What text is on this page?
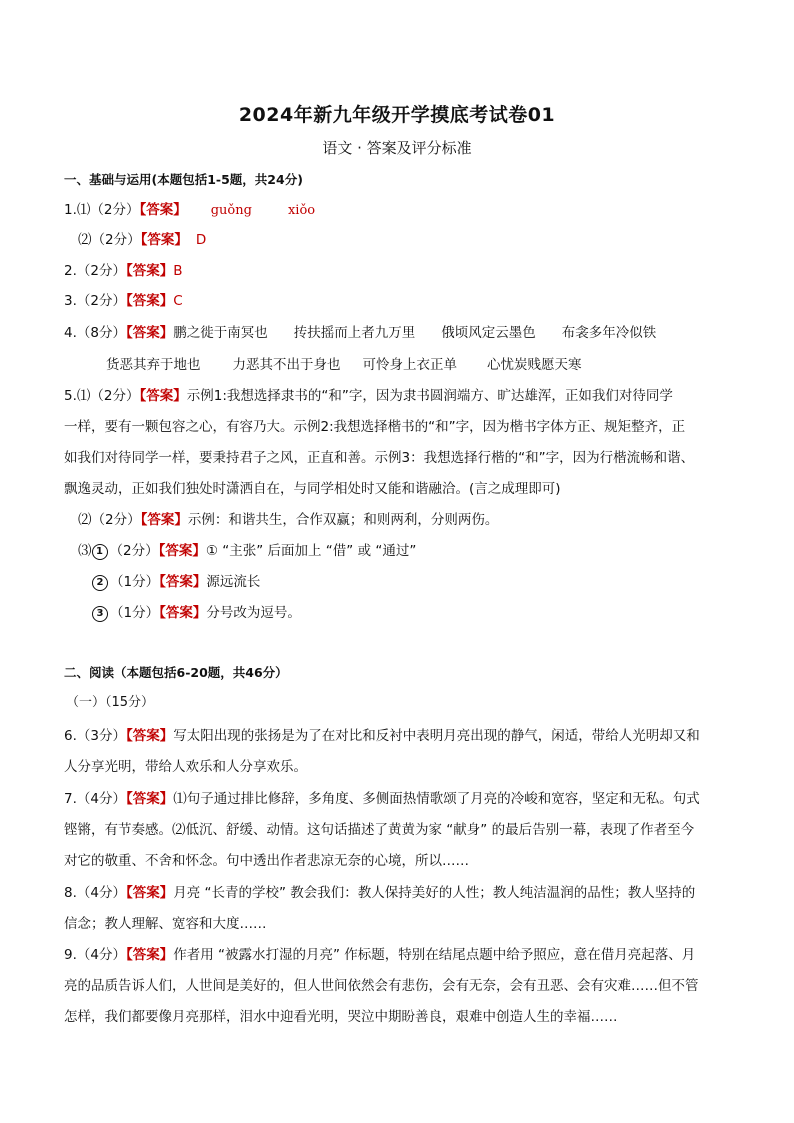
2024年新九年级开学摸底考试卷01
语文 · 答案及评分标准
一、基础与运用(本题包括1-5题，共24分)
1.⑴（2分）【答案】 guǒng	xiǒo
⑵（2分）【答案】 D
2.（2分）【答案】B
3.（2分）【答案】C
4.（8分）【答案】鹏之徙于南冥也 抟扶摇而上者九万里 俄顷风定云墨色 布衾多年冷似铁
货恶其弃于地也 力恶其不出于身也 可怜身上衣正单 心忧炭贱愿天寒
5.⑴（2分）【答案】示例1:我想选择隶书的“和”字，因为隶书圆润端方、旷达雄浑，正如我们对待同学
一样，要有一颗包容之心，有容乃大。示例2:我想选择楷书的“和”字，因为楷书字体方正、规矩整齐，正
如我们对待同学一样，要秉持君子之风，正直和善。示例3：我想选择行楷的“和”字，因为行楷流畅和谐、
飘逸灵动，正如我们独处时潇洒自在，与同学相处时又能和谐融洽。(言之成理即可)
⑵（2分）【答案】示例：和谐共生，合作双赢；和则两利，分则两伤。
⑶ 1 （2分）【答案】① “主张” 后面加上 “借” 或 “通过”
2 （1分）【答案】源远流长
3 （1分）【答案】分号改为逗号。
二、阅读（本题包括6-20题，共46分）
（一）（15分）
6.（3分）【答案】写太阳出现的张扬是为了在对比和反衬中表明月亮出现的静气，闲适，带给人光明却又和
人分享光明，带给人欢乐和人分享欢乐。
7.（4分）【答案】⑴句子通过排比修辞，多角度、多侧面热情歌颂了月亮的冷峻和宽容，坚定和无私。句式
铿锵，有节奏感。⑵低沉、舒缓、动情。这句话描述了黄黄为家 “献身” 的最后告别一幕，表现了作者至今
对它的敬重、不舍和怀念。句中透出作者悲凉无奈的心境，所以……
8.（4分）【答案】月亮 “长青的学校” 教会我们：教人保持美好的人性；教人纯洁温润的品性；教人坚持的
信念；教人理解、宽容和大度……
9.（4分）【答案】作者用 “被露水打湿的月亮” 作标题，特别在结尾点题中给予照应，意在借月亮起落、月
亮的品质告诉人们，人世间是美好的，但人世间依然会有悲伤，会有无奈，会有丑恶、会有灾难……但不管
怎样，我们都要像月亮那样，泪水中迎看光明，哭泣中期盼善良，艰难中创造人生的幸福……
